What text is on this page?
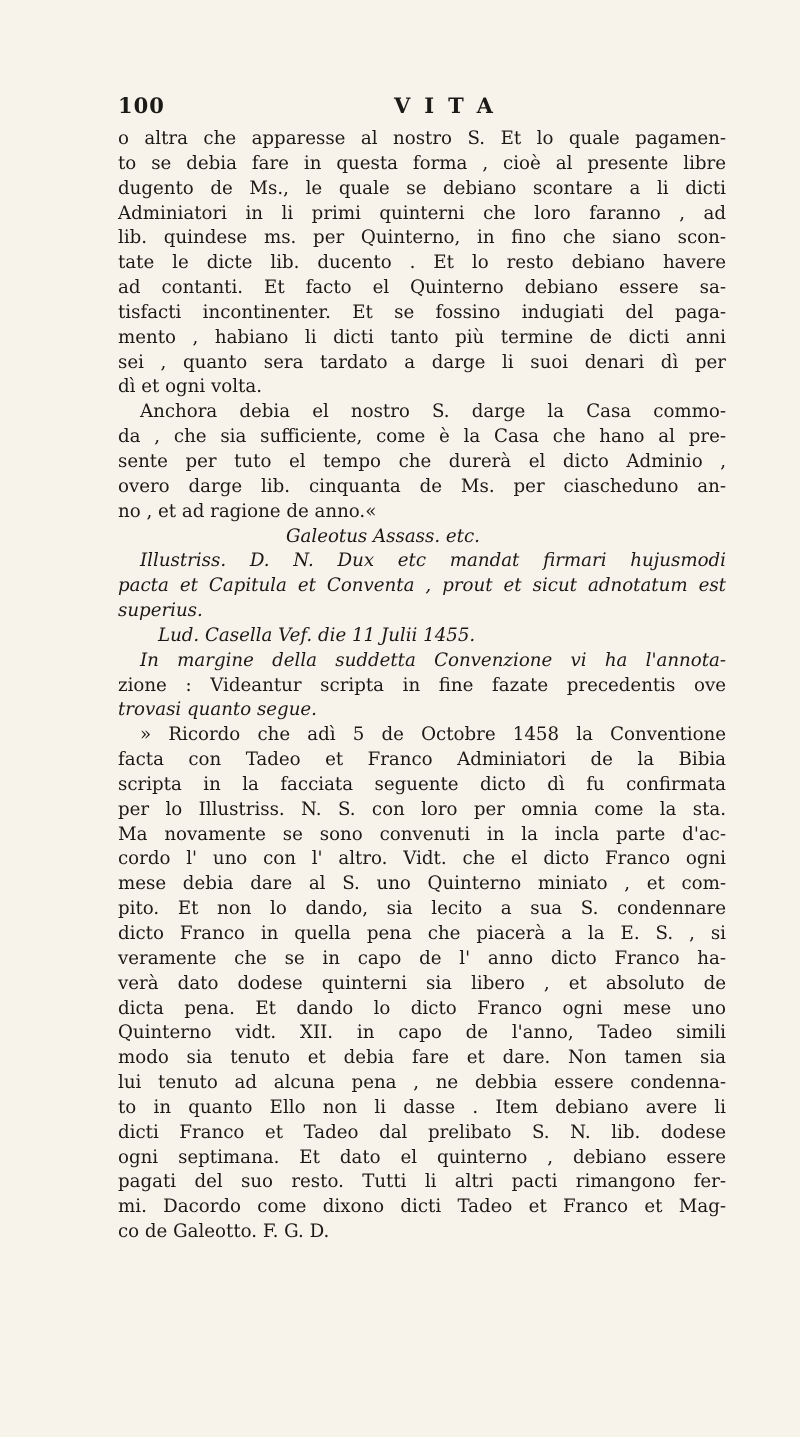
100	VITA
o altra che apparesse al nostro S. Et lo quale pagamen-
to se debia fare in questa forma , cioè al presente libre
dugento de Ms., le quale se debiano scontare a li dicti
Adminiatori in li primi quinterni che loro faranno , ad
lib. quindese ms. per Quinterno, in fino che siano scon-
tate le dicte lib. ducento . Et lo resto debiano havere
ad contanti. Et facto el Quinterno debiano essere sa-
tisfacti incontinenter. Et se fossino indugiati del paga-
mento , habiano li dicti tanto più termine de dicti anni
sei , quanto sera tardato a darge li suoi denari dì per
dì et ogni volta.
Anchora debia el nostro S. darge la Casa commo-
da , che sia sufficiente, come è la Casa che hano al pre-
sente per tuto el tempo che durerà el dicto Adminio ,
overo darge lib. cinquanta de Ms. per ciascheduno an-
no , et ad ragione de anno.«
Galeotus Assass. etc.
Illustriss. D. N. Dux etc mandat firmari hujusmodi
pacta et Capitula et Conventa , prout et sicut adnotatum est
superius.
Lud. Casella Vef. die 11 Julii 1455.
In margine della suddetta Convenzione vi ha l'annota-
zione : Videantur scripta in fine fazate precedentis ove
trovasi quanto segue.
» Ricordo che adì 5 de Octobre 1458 la Conventione
facta con Tadeo et Franco Adminiatori de la Bibia
scripta in la facciata seguente dicto dì fu confirmata
per lo Illustriss. N. S. con loro per omnia come la sta.
Ma novamente se sono convenuti in la incla parte d'ac-
cordo l' uno con l' altro. Vidt. che el dicto Franco ogni
mese debia dare al S. uno Quinterno miniato , et com-
pito. Et non lo dando, sia lecito a sua S. condennare
dicto Franco in quella pena che piacerà a la E. S. , si
veramente che se in capo de l' anno dicto Franco ha-
verà dato dodese quinterni sia libero , et absoluto de
dicta pena. Et dando lo dicto Franco ogni mese uno
Quinterno vidt. XII. in capo de l'anno, Tadeo simili
modo sia tenuto et debia fare et dare. Non tamen sia
lui tenuto ad alcuna pena , ne debbia essere condenna-
to in quanto Ello non li dasse . Item debiano avere li
dicti Franco et Tadeo dal prelibato S. N. lib. dodese
ogni septimana. Et dato el quinterno , debiano essere
pagati del suo resto. Tutti li altri pacti rimangono fer-
mi. Dacordo come dixono dicti Tadeo et Franco et Mag-
co de Galeotto. F. G. D.
